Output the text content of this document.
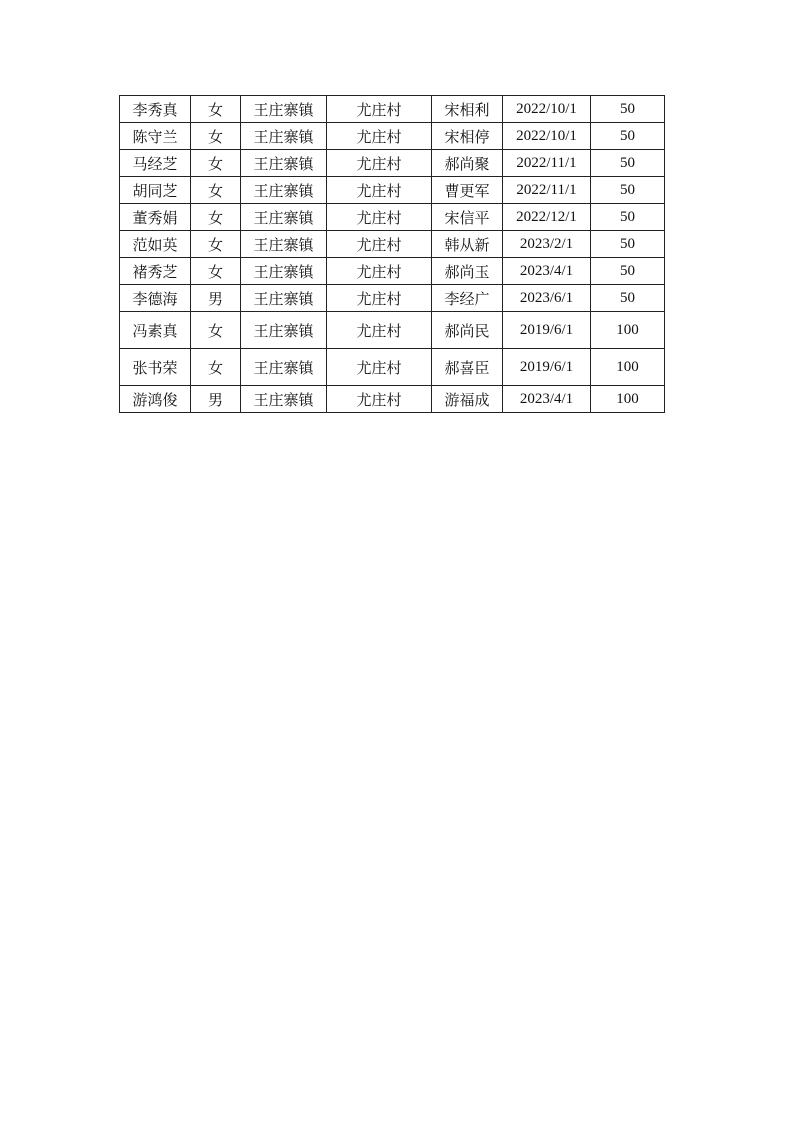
李秀真	女	王庄寨镇	尤庄村	宋相利	2022/10/1	50
陈守兰	女	王庄寨镇	尤庄村	宋相停	2022/10/1	50
马经芝	女	王庄寨镇	尤庄村	郝尚聚	2022/11/1	50
胡同芝	女	王庄寨镇	尤庄村	曹更军	2022/11/1	50
董秀娟	女	王庄寨镇	尤庄村	宋信平	2022/12/1	50
范如英	女	王庄寨镇	尤庄村	韩从新	2023/2/1	50
褚秀芝	女	王庄寨镇	尤庄村	郝尚玉	2023/4/1	50
李德海	男	王庄寨镇	尤庄村	李经广	2023/6/1	50
冯素真	女	王庄寨镇	尤庄村	郝尚民	2019/6/1	100
张书荣	女	王庄寨镇	尤庄村	郝喜臣	2019/6/1	100
游鸿俊	男	王庄寨镇	尤庄村	游福成	2023/4/1	100
